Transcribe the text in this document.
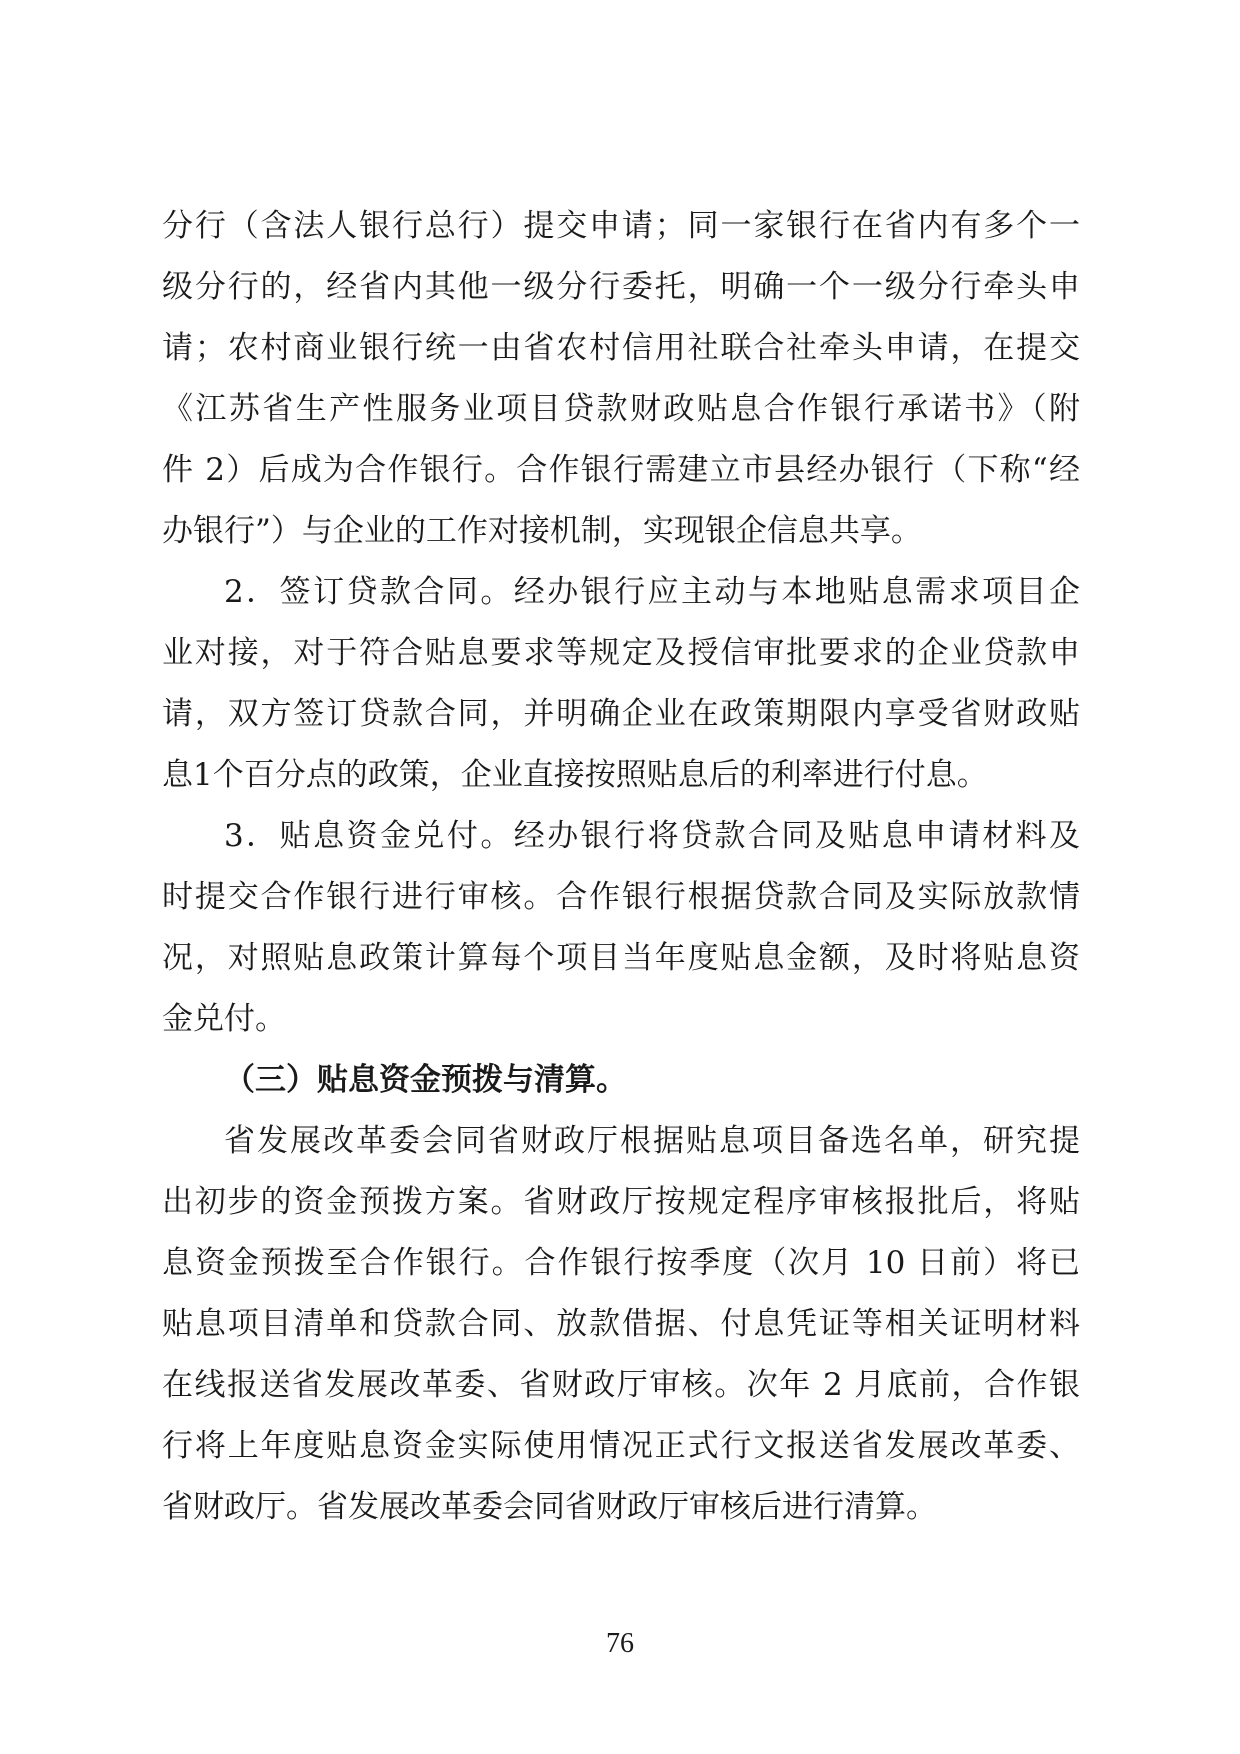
分行（含法人银行总行）提交申请；同一家银行在省内有多个一
级分行的，经省内其他一级分行委托，明确一个一级分行牵头申
请；农村商业银行统一由省农村信用社联合社牵头申请，在提交
《江苏省生产性服务业项目贷款财政贴息合作银行承诺书》（附
件 2）后成为合作银行。合作银行需建立市县经办银行（下称“经
办银行”）与企业的工作对接机制，实现银企信息共享。
2．签订贷款合同。经办银行应主动与本地贴息需求项目企
业对接，对于符合贴息要求等规定及授信审批要求的企业贷款申
请，双方签订贷款合同，并明确企业在政策期限内享受省财政贴
息1个百分点的政策，企业直接按照贴息后的利率进行付息。
3．贴息资金兑付。经办银行将贷款合同及贴息申请材料及
时提交合作银行进行审核。合作银行根据贷款合同及实际放款情
况，对照贴息政策计算每个项目当年度贴息金额，及时将贴息资
金兑付。
（三）贴息资金预拨与清算。
省发展改革委会同省财政厅根据贴息项目备选名单，研究提
出初步的资金预拨方案。省财政厅按规定程序审核报批后，将贴
息资金预拨至合作银行。合作银行按季度（次月 10 日前）将已
贴息项目清单和贷款合同、放款借据、付息凭证等相关证明材料
在线报送省发展改革委、省财政厅审核。次年 2 月底前，合作银
行将上年度贴息资金实际使用情况正式行文报送省发展改革委、
省财政厅。省发展改革委会同省财政厅审核后进行清算。
76
